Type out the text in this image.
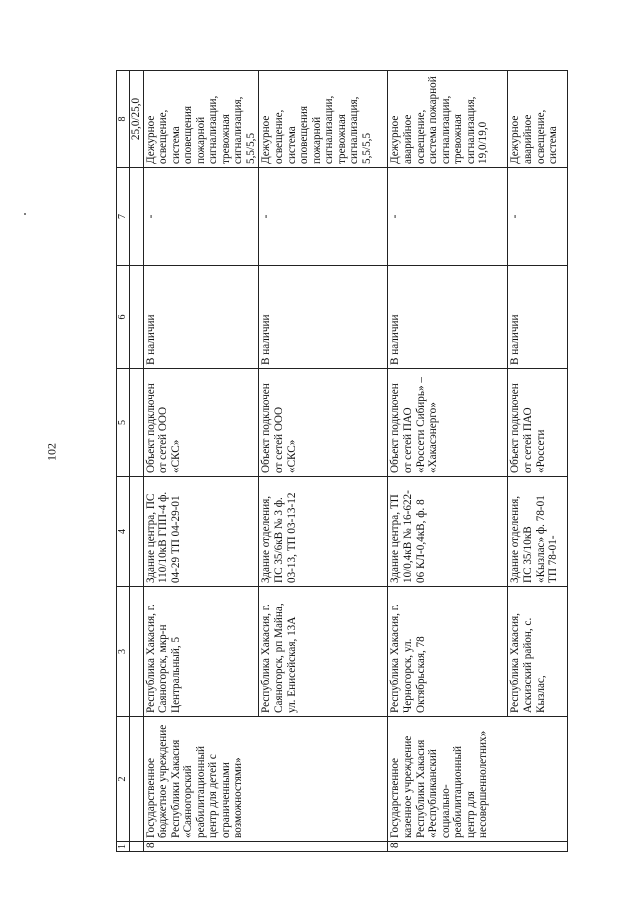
102
1	2	3	4	5	6	7	8
							25,0/25,0
84	Государственное бюджетное учреждение Республики Хакасия «Саяногорский реабилитационный центр для детей с ограниченными возможностями»	Республика Хакасия, г. Саяногорск, мкр-н Центральный, 5	Здание центра, ПС 110/10кВ ГПП-4 ф. 04-29 ТП 04-29-01	Объект подключен от сетей ООО «СКС»	В наличии	-	Дежурное освещение, система оповещения пожарной сигнализации, тревожная сигнализация, 5,5/5,5
		Республика Хакасия, г. Саяногорск, рп Майна, ул. Енисейская, 13А	Здание отделения, ПС 35/6кВ № 3 ф. 03-13, ТП 03-13-12	Объект подключен от сетей ООО «СКС»	В наличии	-	Дежурное освещение, система оповещения пожарной сигнализации, тревожная сигнализация, 5,5/5,5
85	Государственное казенное учреждение Республики Хакасия «Республиканский социально-реабилитационный центр для несовершеннолетних»	Республика Хакасия, г. Черногорск, ул. Октябрьская, 78	Здание центра, ТП 10/0,4кВ № 16-622-06 КЛ-0,4кВ, ф. 8	Объект подключен от сетей ПАО «Россети Сибирь» – «Хакасэнерго»	В наличии	-	Дежурное аварийное освещение, система пожарной сигнализации, тревожная сигнализация, 19,0/19,0
		Республика Хакасия, Аскизский район, с. Кызлас,	Здание отделения, ПС 35/10кВ «Кызлас» ф. 78-01 ТП 78-01-	Объект подключен от сетей ПАО «Россети	В наличии	-	Дежурное аварийное освещение, система
